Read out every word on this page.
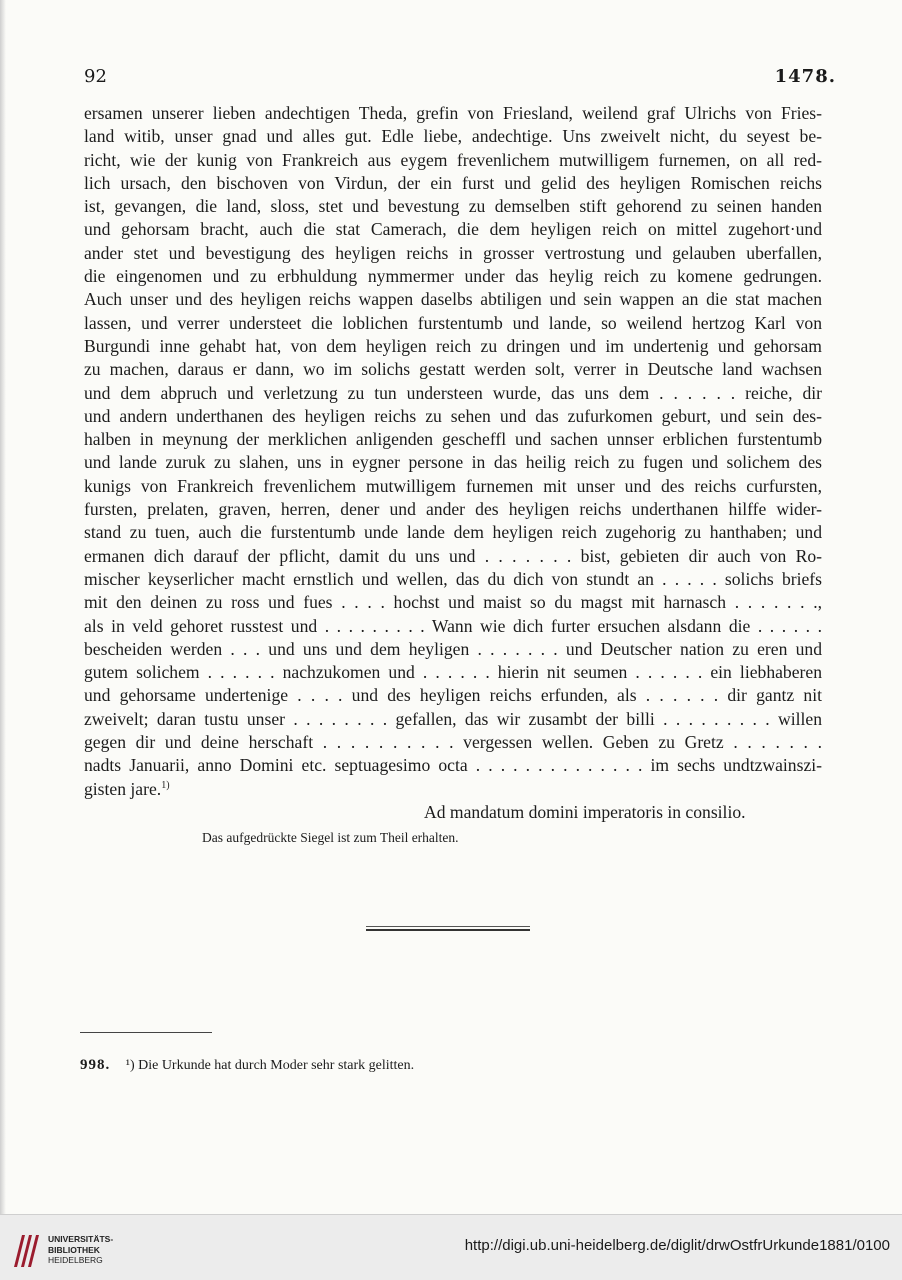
92	1478.
ersamen unserer lieben andechtigen Theda, grefin von Friesland, weilend graf Ulrichs von Fries-
land witib, unser gnad und alles gut. Edle liebe, andechtige. Uns zweivelt nicht, du seyest be-
richt, wie der kunig von Frankreich aus eygem frevenlichem mutwilligem furnemen, on all red-
lich ursach, den bischoven von Virdun, der ein furst und gelid des heyligen Romischen reichs
ist, gevangen, die land, sloss, stet und bevestung zu demselben stift gehorend zu seinen handen
und gehorsam bracht, auch die stat Camerach, die dem heyligen reich on mittel zugehort·und
ander stet und bevestigung des heyligen reichs in grosser vertrostung und gelauben uberfallen,
die eingenomen und zu erbhuldung nymmermer under das heylig reich zu komene gedrungen.
Auch unser und des heyligen reichs wappen daselbs abtiligen und sein wappen an die stat machen
lassen, und verrer understeet die loblichen furstentumb und lande, so weilend hertzog Karl von
Burgundi inne gehabt hat, von dem heyligen reich zu dringen und im undertenig und gehorsam
zu machen, daraus er dann, wo im solichs gestatt werden solt, verrer in Deutsche land wachsen
und dem abpruch und verletzung zu tun understeen wurde, das uns dem . . . . . . reiche, dir
und andern underthanen des heyligen reichs zu sehen und das zufurkomen geburt, und sein des-
halben in meynung der merklichen anligenden gescheffl und sachen unnser erblichen furstentumb
und lande zuruk zu slahen, uns in eygner persone in das heilig reich zu fugen und solichem des
kunigs von Frankreich frevenlichem mutwilligem furnemen mit unser und des reichs curfursten,
fursten, prelaten, graven, herren, dener und ander des heyligen reichs underthanen hilffe wider-
stand zu tuen, auch die furstentumb unde lande dem heyligen reich zugehorig zu hanthaben; und
ermanen dich darauf der pflicht, damit du uns und . . . . . . . bist, gebieten dir auch von Ro-
mischer keyserlicher macht ernstlich und wellen, das du dich von stundt an . . . . . solichs briefs
mit den deinen zu ross und fues . . . . hochst und maist so du magst mit harnasch . . . . . . .,
als in veld gehoret russtest und . . . . . . . . . Wann wie dich furter ersuchen alsdann die . . . . . .
bescheiden werden . . . und uns und dem heyligen . . . . . . . und Deutscher nation zu eren und
gutem solichem . . . . . . nachzukomen und . . . . . . hierin nit seumen . . . . . . ein liebhaberen
und gehorsame undertenige . . . . und des heyligen reichs erfunden, als . . . . . . dir gantz nit
zweivelt; daran tustu unser . . . . . . . . gefallen, das wir zusambt der billi . . . . . . . . . willen
gegen dir und deine herschaft . . . . . . . . . . vergessen wellen. Geben zu Gretz . . . . . . .
nadts Januarii, anno Domini etc. septuagesimo octa . . . . . . . . . . . . . . im sechs undtzwainszi-
gisten jare.$^{1)}$
Ad mandatum domini imperatoris in consilio.
Das aufgedrückte Siegel ist zum Theil erhalten.
998. ¹) Die Urkunde hat durch Moder sehr stark gelitten.
UNIVERSITÄTS-
BIBLIOTHEK
HEIDELBERG
http://digi.ub.uni-heidelberg.de/diglit/drwOstfrUrkunde1881/0100
